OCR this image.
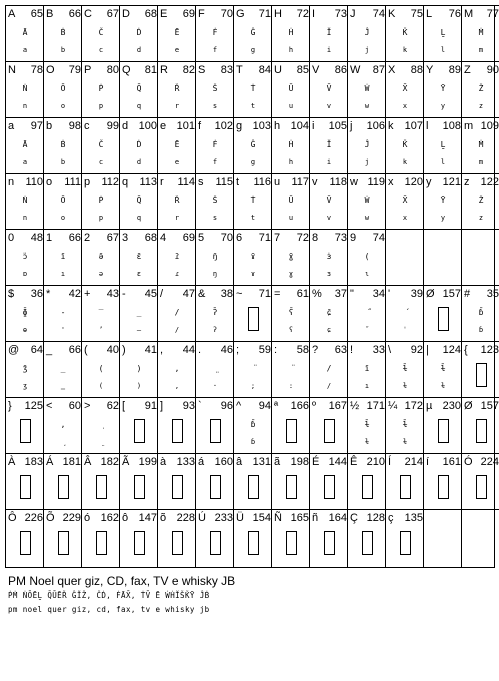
A 65
Ā
a
B 66
Ḃ
b
C 67
Č
c
D 68
Ḋ
d
E 69
Ē
e
F 70
Ḟ
f
G 71
Ĝ
g
H 72
Ḣ
h
I 73
Ĭ
i
J 74
Ĵ
j
K 75
Ǩ
k
L 76
Ḻ
l
M 77
Ṁ
m
N 78
Ṅ
n
O 79
Ō
o
P 80
Ṗ
p
Q 81
Q̄
q
R 82
Ř
r
S 83
Š
s
T 84
Ṫ
t
U 85
Ū
u
V 86
V̄
v
W 87
Ẇ
w
X 88
X̄
x
Y 89
Ȳ
y
Z 90
Ž
z
a 97
Ā
a
b 98
Ḃ
b
c 99
Č
c
d 100
Ḋ
d
e 101
Ē
e
f 102
Ḟ
f
g 103
Ĝ
g
h 104
Ḣ
h
i 105
Ĭ
i
j 106
Ĵ
j
k 107
Ǩ
k
l 108
Ḻ
l
m 109
Ṁ
m
n 110
Ṅ
n
o 111
Ō
o
p 112
Ṗ
p
q 113
Q̄
q
r 114
Ř
r
s 115
Š
s
t 116
Ṫ
t
u 117
Ū
u
v 118
V̄
v
w 119
Ẇ
w
x 120
X̄
x
y 121
Ȳ
y
z 122
Ž
z
0 48
ɔ̈
ɒ
1 66
ı̄
ı
2 67
ə̄
ə
3 68
ɛ̄
ɛ
4 69
ɾ̄
ɾ
5 70
ŋ̄
ŋ
6 71
ɤ̄
ɤ
7 72
ɣ̄
ɣ
8 73
ɜ̇
ɜ
9 74
(
ɩ
$ 36
ɸ̄
ɵ
* 42
-
'
+ 43
‾
ʼ
- 45
_
‒
/ 47
/
/
& 38
ʔ̄
ʔ
~ 71 = 61
ʕ̄
ʕ
% 37
ɕ̄
ɕ
" 34
˝
' 39
ˈ
Ø 157 # 35
ɓ̄
ɓ
@ 64
ʒ̄
ʒ
_ 66
_
‗
( 40
(
(
) 41
)
)
, 44
,
,
. 46
·
; 59
;
: 58
:
? 63
/
/
! 33
ı̄
ı
\ 92
ɫ̄
ɫ
| 124
ɫ̄
ɫ
{ 123
} 125 < 60
,
> 62 [ 91 ] 93 ` 96 ^ 94
ɓ̄
ɓ
ª 166 º 167 ½ 171
ɫ̄
ɫ
¼ 172
ɫ̄
ɫ
µ 230 Ø 157
À 183 Á 181 Â 182 Ã 199 à 133 á 160 â 131 ã 198 É 144 Ê 210 Í 214 í 161 Ó 224
Ô 226 Õ 229 ó 162 ô 147 õ 228 Ú 233 Ü 154 Ñ 165 ñ 164 Ç 128 ç 135
PM Noel quer giz, CD, fax, TV e whisky JB
ṖṀ ṄŌĒḺ Q̄ŪĒŘ ĜĬŽ, ČḊ, ḞĀX̄, ṪV̄ Ē ẆḢĬŠǨȲ ĴḂ
pm noel quer giz, cd, fax, tv e whisky jb
